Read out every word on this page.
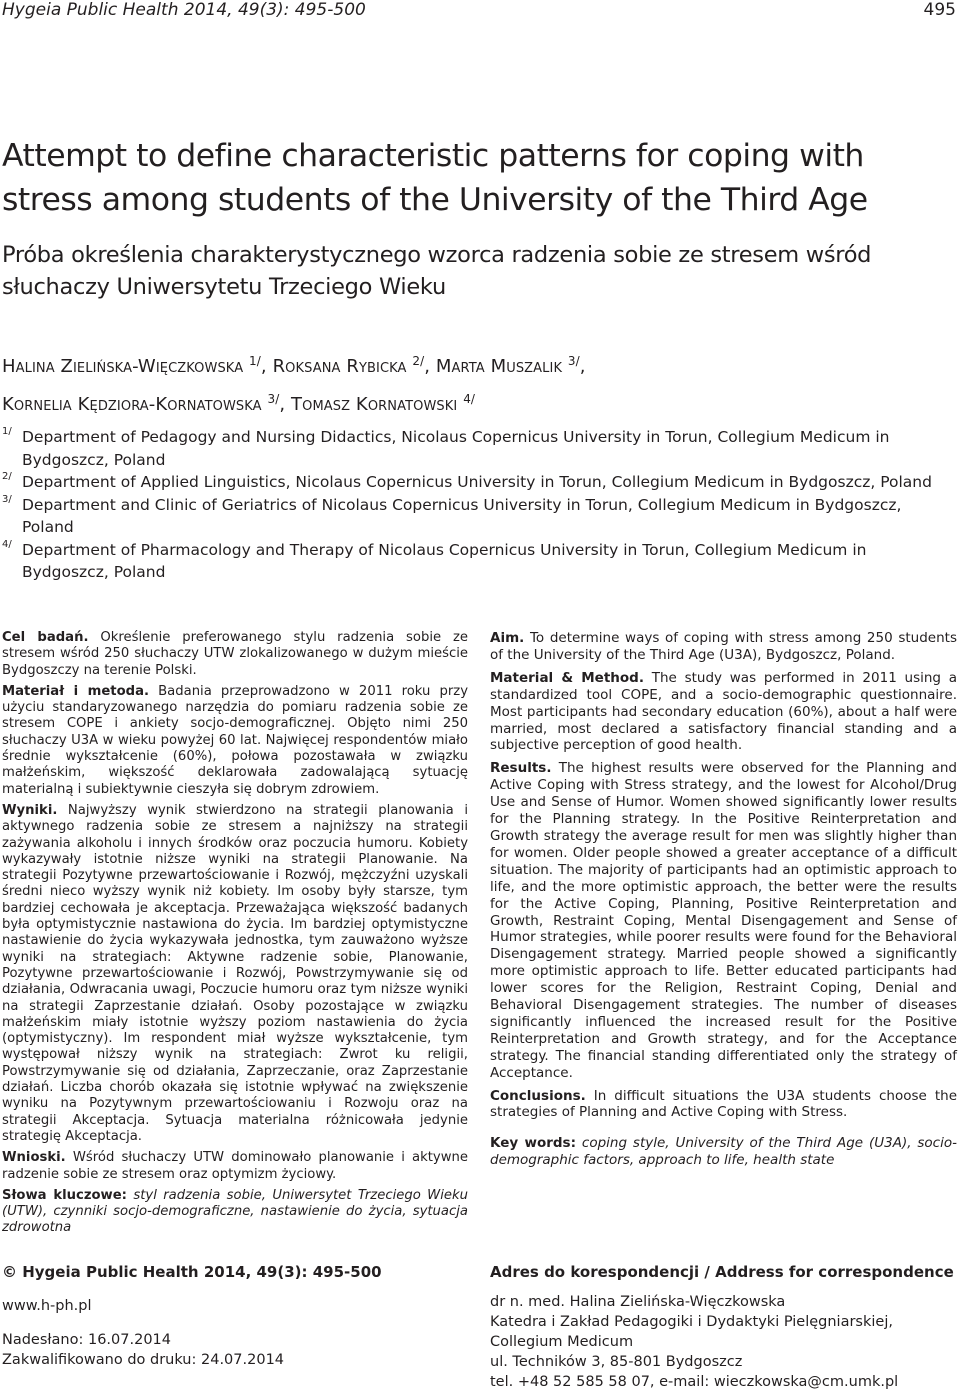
Hygeia Public Health 2014, 49(3): 495-500	495
Attempt to define characteristic patterns for coping with stress among students of the University of the Third Age
Próba określenia charakterystycznego wzorca radzenia sobie ze stresem wśród słuchaczy Uniwersytetu Trzeciego Wieku
Halina Zielińska-Więczkowska $^{1/}$, Roksana Rybicka $^{2/}$, Marta Muszalik $^{3/}$,
Kornelia Kędziora-Kornatowska $^{3/}$, Tomasz Kornatowski $^{4/}$
1/ Department of Pedagogy and Nursing Didactics, Nicolaus Copernicus University in Torun, Collegium Medicum in Bydgoszcz, Poland
2/ Department of Applied Linguistics, Nicolaus Copernicus University in Torun, Collegium Medicum in Bydgoszcz, Poland
3/ Department and Clinic of Geriatrics of Nicolaus Copernicus University in Torun, Collegium Medicum in Bydgoszcz, Poland
4/ Department of Pharmacology and Therapy of Nicolaus Copernicus University in Torun, Collegium Medicum in Bydgoszcz, Poland

Cel badań. Określenie preferowanego stylu radzenia sobie ze stresem wśród 250 słuchaczy UTW zlokalizowanego w dużym mieście Bydgoszczy na terenie Polski.

Materiał i metoda. Badania przeprowadzono w 2011 roku przy użyciu standaryzowanego narzędzia do pomiaru radzenia sobie ze stresem COPE i ankiety socjo-demograficznej. Objęto nimi 250 słuchaczy U3A w wieku powyżej 60 lat. Najwięcej respondentów miało średnie wykształcenie (60%), połowa pozostawała w związku małżeńskim, większość deklarowała zadowalającą sytuację materialną i subiektywnie cieszyła się dobrym zdrowiem.

Wyniki. Najwyższy wynik stwierdzono na strategii planowania i aktywnego radzenia sobie ze stresem a najniższy na strategii zażywania alkoholu i innych środków oraz poczucia humoru. Kobiety wykazywały istotnie niższe wyniki na strategii Planowanie. Na strategii Pozytywne przewartościowanie i Rozwój, mężczyźni uzyskali średni nieco wyższy wynik niż kobiety. Im osoby były starsze, tym bardziej cechowała je akceptacja. Przeważająca większość badanych była optymistycznie nastawiona do życia. Im bardziej optymistyczne nastawienie do życia wykazywała jednostka, tym zauważono wyższe wyniki na strategiach: Aktywne radzenie sobie, Planowanie, Pozytywne przewartościowanie i Rozwój, Powstrzymywanie się od działania, Odwracania uwagi, Poczucie humoru oraz tym niższe wyniki na strategii Zaprzestanie działań. Osoby pozostające w związku małżeńskim miały istotnie wyższy poziom nastawienia do życia (optymistyczny). Im respondent miał wyższe wykształcenie, tym występował niższy wynik na strategiach: Zwrot ku religii, Powstrzymywanie się od działania, Zaprzeczanie, oraz Zaprzestanie działań. Liczba chorób okazała się istotnie wpływać na zwiększenie wyniku na Pozytywnym przewartościowaniu i Rozwoju oraz na strategii Akceptacja. Sytuacja materialna różnicowała jedynie strategię Akceptacja.

Wnioski. Wśród słuchaczy UTW dominowało planowanie i aktywne radzenie sobie ze stresem oraz optymizm życiowy.

Słowa kluczowe: styl radzenia sobie, Uniwersytet Trzeciego Wieku (UTW), czynniki socjo-demograficzne, nastawienie do życia, sytuacja zdrowotna

Aim. To determine ways of coping with stress among 250 students of the University of the Third Age (U3A), Bydgoszcz, Poland.

Material & Method. The study was performed in 2011 using a standardized tool COPE, and a socio-demographic questionnaire. Most participants had secondary education (60%), about a half were married, most declared a satisfactory financial standing and a subjective perception of good health.

Results. The highest results were observed for the Planning and Active Coping with Stress strategy, and the lowest for Alcohol/Drug Use and Sense of Humor. Women showed significantly lower results for the Planning strategy. In the Positive Reinterpretation and Growth strategy the average result for men was slightly higher than for women. Older people showed a greater acceptance of a difficult situation. The majority of participants had an optimistic approach to life, and the more optimistic approach, the better were the results for the Active Coping, Planning, Positive Reinterpretation and Growth, Restraint Coping, Mental Disengagement and Sense of Humor strategies, while poorer results were found for the Behavioral Disengagement strategy. Married people showed a significantly more optimistic approach to life. Better educated participants had lower scores for the Religion, Restraint Coping, Denial and Behavioral Disengagement strategies. The number of diseases significantly influenced the increased result for the Positive Reinterpretation and Growth strategy, and for the Acceptance strategy. The financial standing differentiated only the strategy of Acceptance.

Conclusions. In difficult situations the U3A students choose the strategies of Planning and Active Coping with Stress.

Key words: coping style, University of the Third Age (U3A), socio-demographic factors, approach to life, health state

© Hygeia Public Health 2014, 49(3): 495-500
www.h-ph.pl
Nadesłano: 16.07.2014
Zakwalifikowano do druku: 24.07.2014
Adres do korespondencji / Address for correspondence
dr n. med. Halina Zielińska-Więczkowska
Katedra i Zakład Pedagogiki i Dydaktyki Pielęgniarskiej, Collegium Medicum
ul. Techników 3, 85-801 Bydgoszcz
tel. +48 52 585 58 07, e-mail: wieczkowska@cm.umk.pl
